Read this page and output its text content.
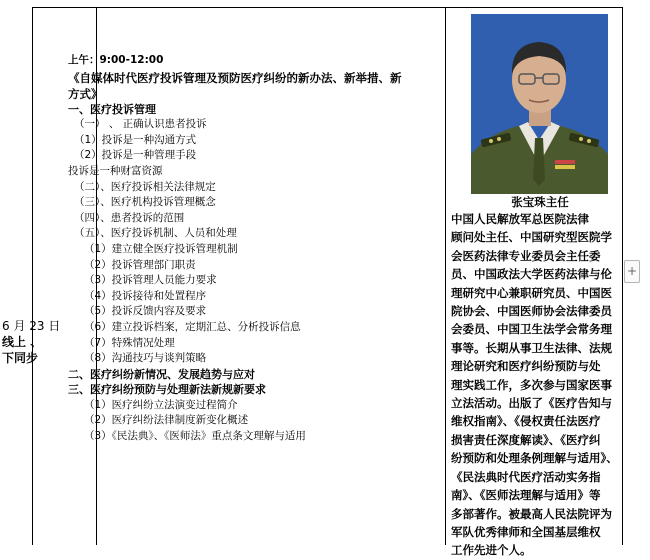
6 月 23 日
线上 、
下同步
上午：9:00-12:00
《自媒体时代医疗投诉管理及预防医疗纠纷的新办法、新举措、新
方式》
一、医疗投诉管理
（一） 、 正确认识患者投诉
（1）投诉是一种沟通方式
（2）投诉是一种管理手段
投诉是一种财富资源
（二）、医疗投诉相关法律规定
（三）、医疗机构投诉管理概念
（四）、患者投诉的范围
（五）、医疗投诉机制、人员和处理
（1）建立健全医疗投诉管理机制
（2）投诉管理部门职责
（3）投诉管理人员能力要求
（4）投诉接待和处置程序
（5）投诉反馈内容及要求
（6）建立投诉档案，定期汇总、分析投诉信息
（7）特殊情况处理
（8）沟通技巧与谈判策略
二、医疗纠纷新情况、发展趋势与应对
三、医疗纠纷预防与处理新法新规新要求
（1）医疗纠纷立法演变过程简介
（2）医疗纠纷法律制度新变化概述
（3）《民法典》、《医师法》重点条文理解与适用
张宝珠主任
中国人民解放军总医院法律
顾问处主任、中国研究型医院学
会医药法律专业委员会主任委
员、中国政法大学医药法律与伦
理研究中心兼职研究员、中国医
院协会、中国医师协会法律委员
会委员、中国卫生法学会常务理
事等。长期从事卫生法律、法规
理论研究和医疗纠纷预防与处
理实践工作，多次参与国家医事
立法活动。出版了《医疗告知与
维权指南》、《侵权责任法医疗
损害责任深度解读》、《医疗纠
纷预防和处理条例理解与适用》、
《民法典时代医疗活动实务指
南》、《医师法理解与适用》等
多部著作。被最高人民法院评为
军队优秀律师和全国基层维权
工作先进个人。
+
